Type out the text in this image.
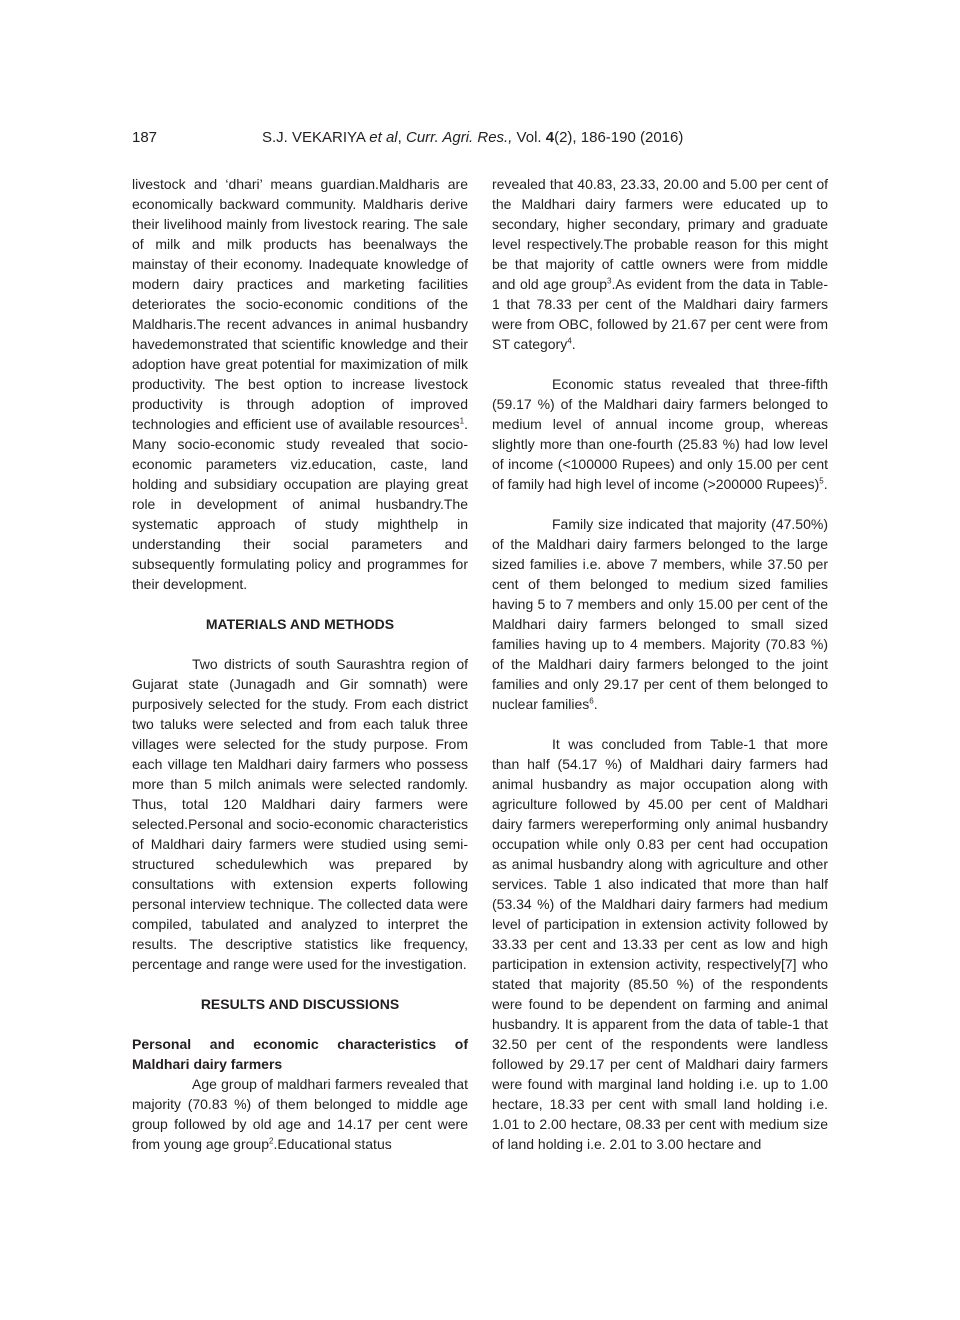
187	S.J. VEKARIYA et al, Curr. Agri. Res., Vol. 4(2), 186-190 (2016)

livestock and ‘dhari’ means guardian.Maldharis are economically backward community. Maldharis derive their livelihood mainly from livestock rearing. The sale of milk and milk products has beenalways the mainstay of their economy. Inadequate knowledge of modern dairy practices and marketing facilities deteriorates the socio-economic conditions of the Maldharis.The recent advances in animal husbandry havedemonstrated that scientific knowledge and their adoption have great potential for maximization of milk productivity. The best option to increase livestock productivity is through adoption of improved technologies and efficient use of available resources$^1$. Many socio-economic study revealed that socio-economic parameters viz.education, caste, land holding and subsidiary occupation are playing great role in development of animal husbandry.The systematic approach of study mighthelp in understanding their social parameters and subsequently formulating policy and programmes for their development.

MATERIALS AND METHODS

Two districts of south Saurashtra region of Gujarat state (Junagadh and Gir somnath) were purposively selected for the study. From each district two taluks were selected and from each taluk three villages were selected for the study purpose. From each village ten Maldhari dairy farmers who possess more than 5 milch animals were selected randomly. Thus, total 120 Maldhari dairy farmers were selected.Personal and socio-economic characteristics of Maldhari dairy farmers were studied using semi-structured schedulewhich was prepared by consultations with extension experts following personal interview technique. The collected data were compiled, tabulated and analyzed to interpret the results. The descriptive statistics like frequency, percentage and range were used for the investigation.

RESULTS AND DISCUSSIONS
Personal and economic characteristics of Maldhari dairy farmers

Age group of maldhari farmers revealed that majority (70.83 %) of them belonged to middle age group followed by old age and 14.17 per cent were from young age group$^2$.Educational status

revealed that 40.83, 23.33, 20.00 and 5.00 per cent of the Maldhari dairy farmers were educated up to secondary, higher secondary, primary and graduate level respectively.The probable reason for this might be that majority of cattle owners were from middle and old age group$^3$.As evident from the data in Table-1 that 78.33 per cent of the Maldhari dairy farmers were from OBC, followed by 21.67 per cent were from ST category$^4$.

Economic status revealed that three-fifth (59.17 %) of the Maldhari dairy farmers belonged to medium level of annual income group, whereas slightly more than one-fourth (25.83 %) had low level of income (<100000 Rupees) and only 15.00 per cent of family had high level of income (>200000 Rupees)$^5$.

Family size indicated that majority (47.50%) of the Maldhari dairy farmers belonged to the large sized families i.e. above 7 members, while 37.50 per cent of them belonged to medium sized families having 5 to 7 members and only 15.00 per cent of the Maldhari dairy farmers belonged to small sized families having up to 4 members. Majority (70.83 %) of the Maldhari dairy farmers belonged to the joint families and only 29.17 per cent of them belonged to nuclear families$^6$.

It was concluded from Table-1 that more than half (54.17 %) of Maldhari dairy farmers had animal husbandry as major occupation along with agriculture followed by 45.00 per cent of Maldhari dairy farmers wereperforming only animal husbandry occupation while only 0.83 per cent had occupation as animal husbandry along with agriculture and other services. Table 1 also indicated that more than half (53.34 %) of the Maldhari dairy farmers had medium level of participation in extension activity followed by 33.33 per cent and 13.33 per cent as low and high participation in extension activity, respectively[7] who stated that majority (85.50 %) of the respondents were found to be dependent on farming and animal husbandry. It is apparent from the data of table-1 that 32.50 per cent of the respondents were landless followed by 29.17 per cent of Maldhari dairy farmers were found with marginal land holding i.e. up to 1.00 hectare, 18.33 per cent with small land holding i.e. 1.01 to 2.00 hectare, 08.33 per cent with medium size of land holding i.e. 2.01 to 3.00 hectare and
